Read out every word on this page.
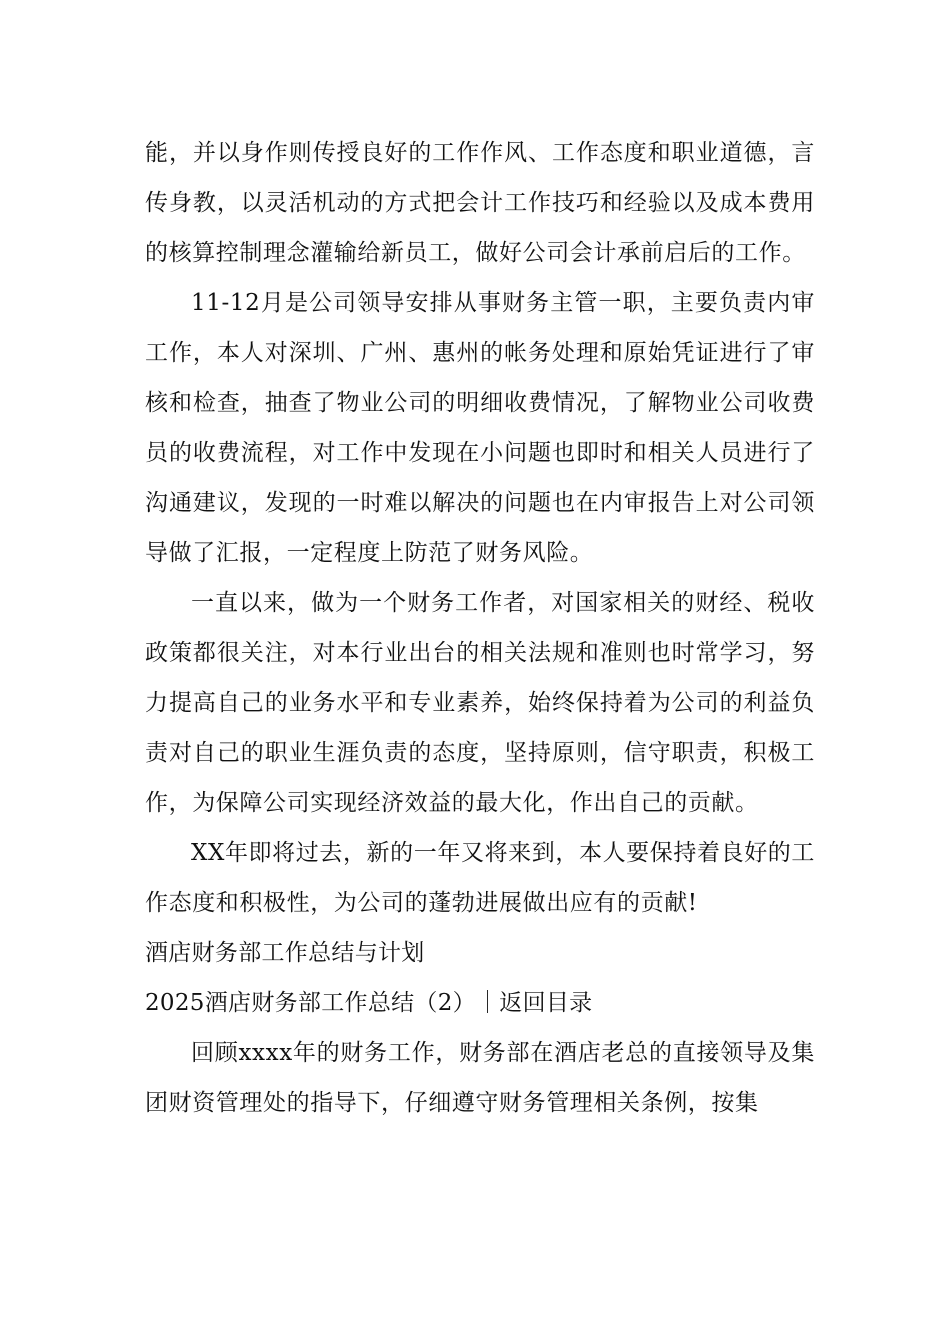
能，并以身作则传授良好的工作作风、工作态度和职业道德，言传身教，以灵活机动的方式把会计工作技巧和经验以及成本费用的核算控制理念灌输给新员工，做好公司会计承前启后的工作。

11-12月是公司领导安排从事财务主管一职，主要负责内审工作，本人对深圳、广州、惠州的帐务处理和原始凭证进行了审核和检查，抽查了物业公司的明细收费情况，了解物业公司收费员的收费流程，对工作中发现在小问题也即时和相关人员进行了沟通建议，发现的一时难以解决的问题也在内审报告上对公司领导做了汇报，一定程度上防范了财务风险。

一直以来，做为一个财务工作者，对国家相关的财经、税收政策都很关注，对本行业出台的相关法规和准则也时常学习，努力提高自己的业务水平和专业素养，始终保持着为公司的利益负责对自己的职业生涯负责的态度，坚持原则，信守职责，积极工作，为保障公司实现经济效益的最大化，作出自己的贡献。

XX年即将过去，新的一年又将来到，本人要保持着良好的工作态度和积极性，为公司的蓬勃进展做出应有的贡献!

酒店财务部工作总结与计划

2025酒店财务部工作总结（2）｜返回目录

回顾xxxx年的财务工作，财务部在酒店老总的直接领导及集团财资管理处的指导下，仔细遵守财务管理相关条例，按集
